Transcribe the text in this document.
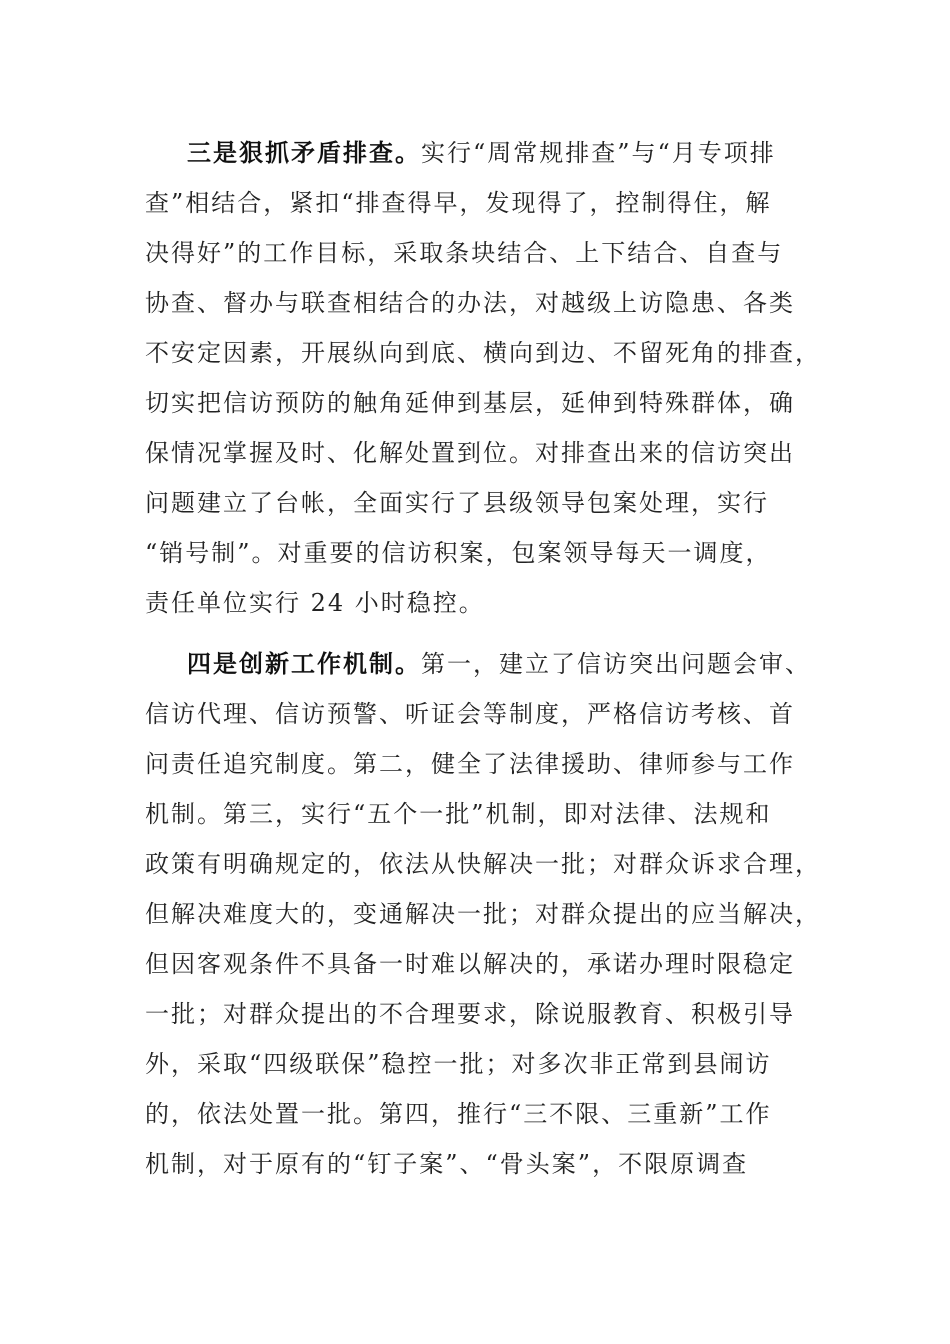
三是狠抓矛盾排查。实行“周常规排查”与“月专项排
查”相结合，紧扣“排查得早，发现得了，控制得住，解
决得好”的工作目标，采取条块结合、上下结合、自查与
协查、督办与联查相结合的办法，对越级上访隐患、各类
不安定因素，开展纵向到底、横向到边、不留死角的排查，
切实把信访预防的触角延伸到基层，延伸到特殊群体，确
保情况掌握及时、化解处置到位。对排查出来的信访突出
问题建立了台帐，全面实行了县级领导包案处理，实行
“销号制”。对重要的信访积案，包案领导每天一调度，
责任单位实行 24 小时稳控。
四是创新工作机制。第一，建立了信访突出问题会审、
信访代理、信访预警、听证会等制度，严格信访考核、首
问责任追究制度。第二，健全了法律援助、律师参与工作
机制。第三，实行“五个一批”机制，即对法律、法规和
政策有明确规定的，依法从快解决一批；对群众诉求合理，
但解决难度大的，变通解决一批；对群众提出的应当解决，
但因客观条件不具备一时难以解决的，承诺办理时限稳定
一批；对群众提出的不合理要求，除说服教育、积极引导
外，采取“四级联保”稳控一批；对多次非正常到县闹访
的，依法处置一批。第四，推行“三不限、三重新”工作
机制，对于原有的“钉子案”、“骨头案”，不限原调查
